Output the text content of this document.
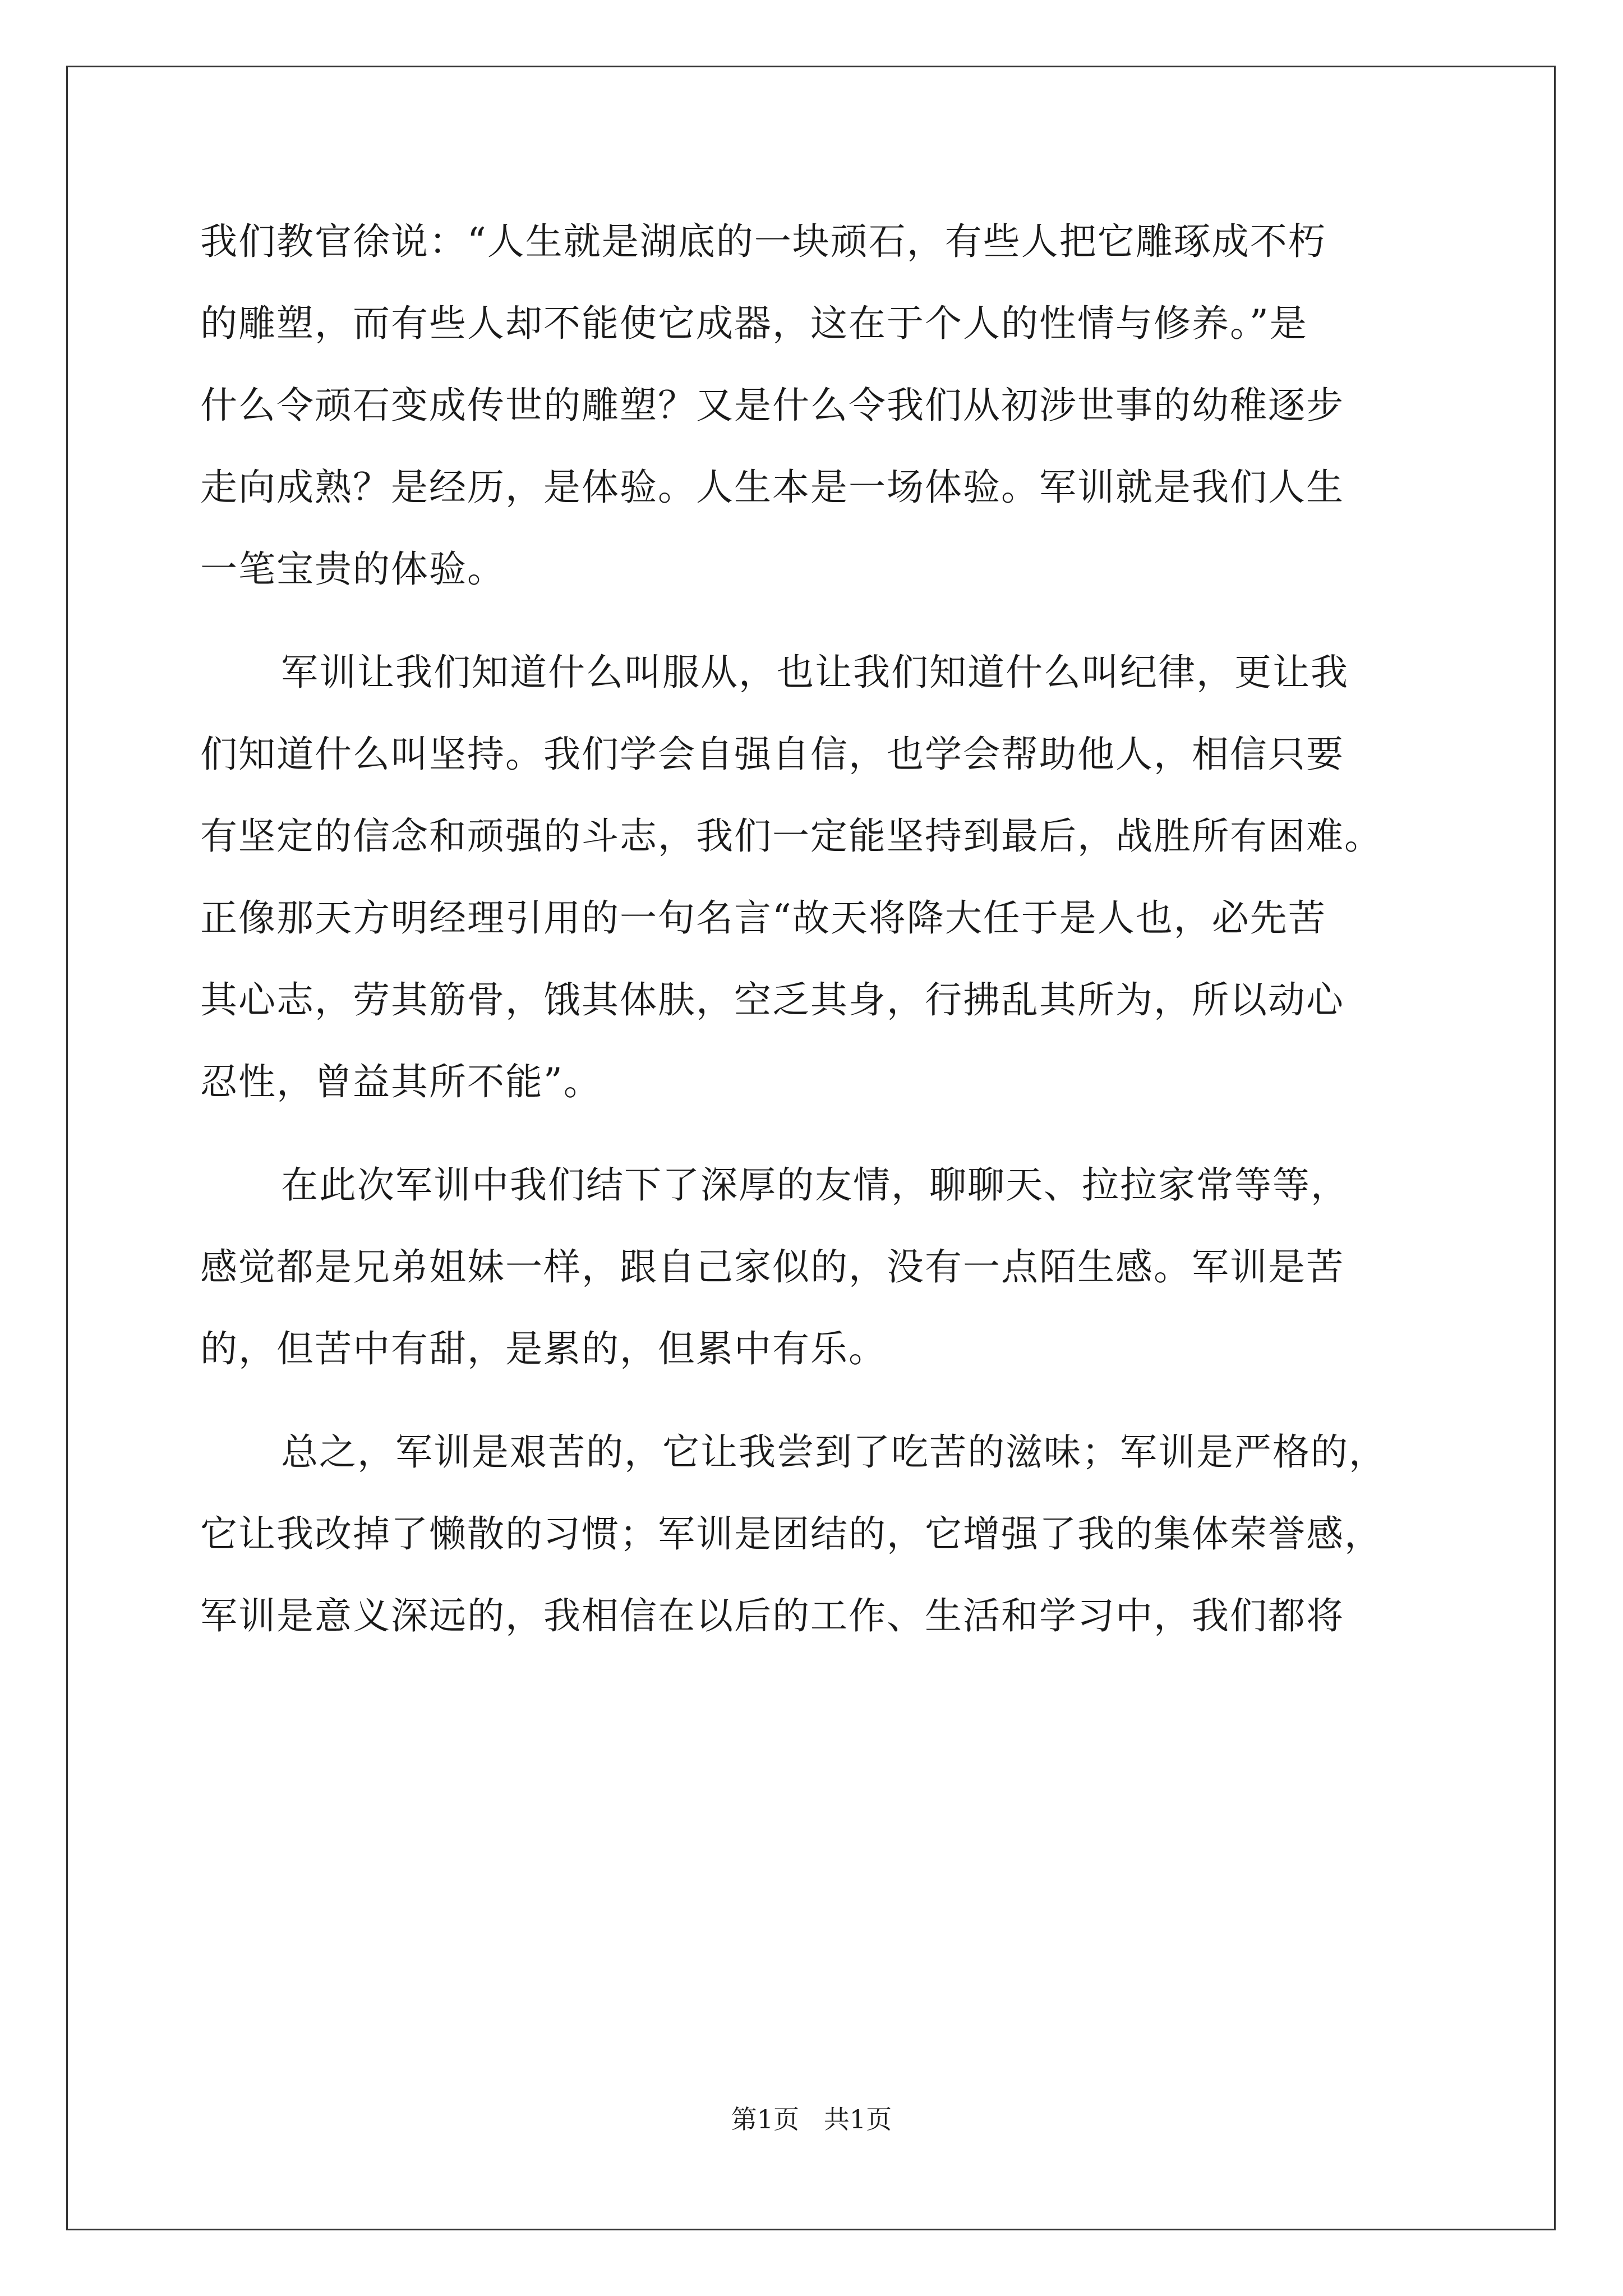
我们教官徐说：“人生就是湖底的一块顽石，有些人把它雕琢成不朽
的雕塑，而有些人却不能使它成器，这在于个人的性情与修养。”是
什么令顽石变成传世的雕塑？又是什么令我们从初涉世事的幼稚逐步
走向成熟？是经历，是体验。人生本是一场体验。军训就是我们人生
一笔宝贵的体验。
军训让我们知道什么叫服从，也让我们知道什么叫纪律，更让我
们知道什么叫坚持。我们学会自强自信，也学会帮助他人，相信只要
有坚定的信念和顽强的斗志，我们一定能坚持到最后，战胜所有困难。
正像那天方明经理引用的一句名言“故天将降大任于是人也，必先苦
其心志，劳其筋骨，饿其体肤，空乏其身，行拂乱其所为，所以动心
忍性，曾益其所不能”。
在此次军训中我们结下了深厚的友情，聊聊天、拉拉家常等等，
感觉都是兄弟姐妹一样，跟自己家似的，没有一点陌生感。军训是苦
的，但苦中有甜，是累的，但累中有乐。
总之，军训是艰苦的，它让我尝到了吃苦的滋味；军训是严格的，
它让我改掉了懒散的习惯；军训是团结的，它增强了我的集体荣誉感，
军训是意义深远的，我相信在以后的工作、生活和学习中，我们都将
第1页   共1页
